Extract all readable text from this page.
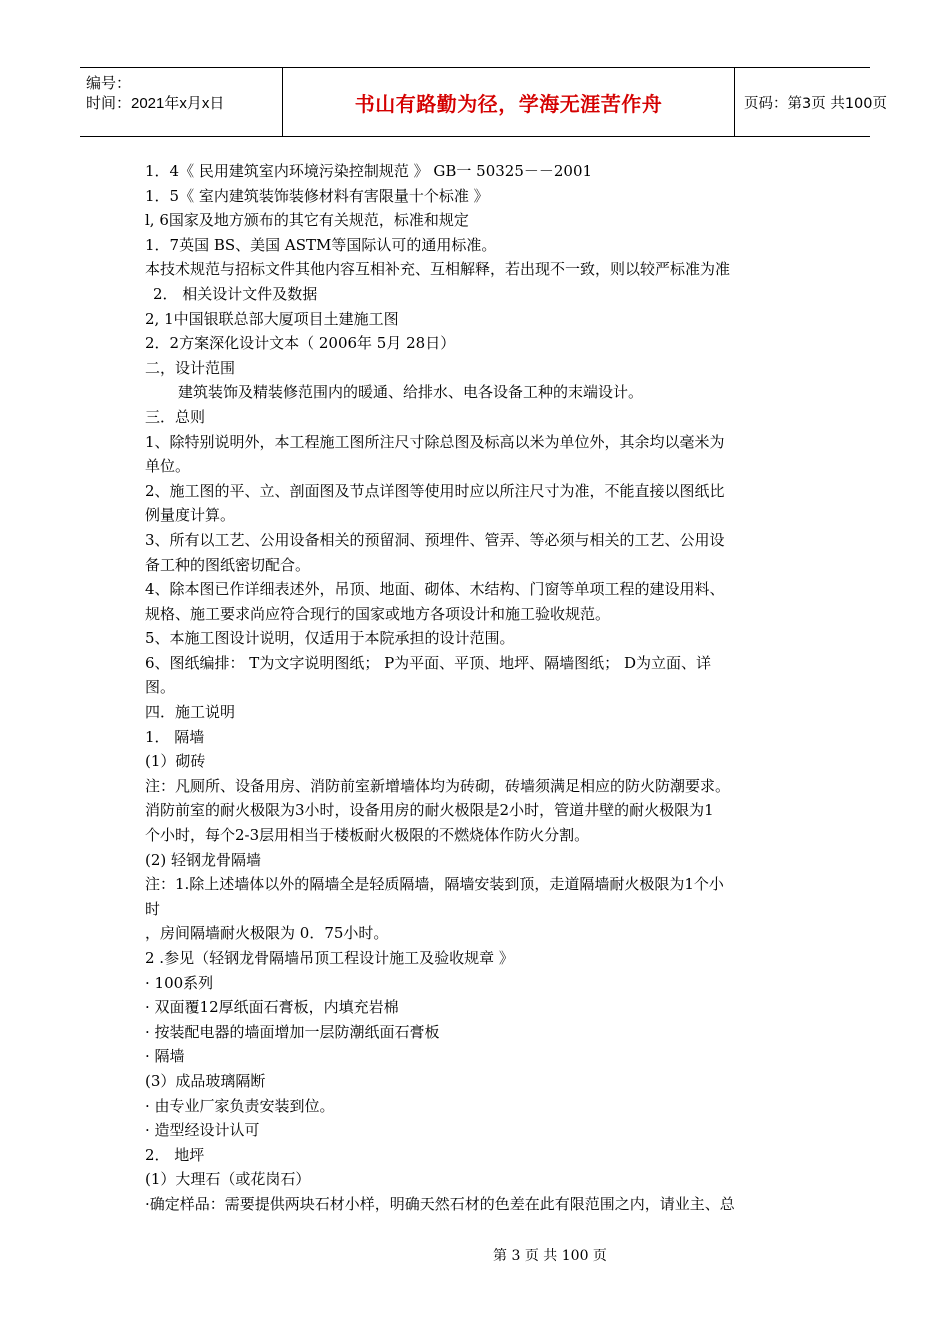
编号：
时间：2021年x月x日	书山有路勤为径，学海无涯苦作舟	页码：第3页 共100页
1．4《 民用建筑室内环境污染控制规范 》 GB一 50325－－2001
1．5《 室内建筑装饰装修材料有害限量十个标准 》
l, 6国家及地方颁布的其它有关规范，标准和规定
1．7英国 BS、美国 ASTM等国际认可的通用标准。
本技术规范与招标文件其他内容互相补充、互相解释，若出现不一致，则以较严标准为准
2． 相关设计文件及数据
2, 1中国银联总部大厦项目土建施工图
2．2方案深化设计文本（ 2006年 5月 28日）
二，设计范围
建筑装饰及精装修范围内的暖通、给排水、电各设备工种的末端设计。
三．总则
1、除特别说明外，本工程施工图所注尺寸除总图及标高以米为单位外，其余均以毫米为
单位。
2、施工图的平、立、剖面图及节点详图等使用时应以所注尺寸为准，不能直接以图纸比
例量度计算。
3、所有以工艺、公用设备相关的预留洞、预埋件、管弄、等必须与相关的工艺、公用设
备工种的图纸密切配合。
4、除本图已作详细表述外，吊顶、地面、砌体、木结构、门窗等单项工程的建设用料、
规格、施工要求尚应符合现行的国家或地方各项设计和施工验收规范。
5、本施工图设计说明，仅适用于本院承担的设计范围。
6、图纸编排： T为文字说明图纸； P为平面、平顶、地坪、隔墙图纸； D为立面、详
图。
四．施工说明
1． 隔墙
(1）砌砖
注：凡厕所、设备用房、消防前室新增墙体均为砖砌，砖墙须满足相应的防火防潮要求。
消防前室的耐火极限为3小时，设备用房的耐火极限是2小时，管道井壁的耐火极限为1
个小时，每个2-3层用相当于楼板耐火极限的不燃烧体作防火分割。
(2) 轻钢龙骨隔墙
注：1.除上述墙体以外的隔墙全是轻质隔墙，隔墙安装到顶，走道隔墙耐火极限为1个小
时
，房间隔墙耐火极限为 0．75小时。
2 .参见（轻钢龙骨隔墙吊顶工程设计施工及验收规章 》
· 100系列
· 双面覆12厚纸面石膏板，内填充岩棉
· 按装配电器的墙面增加一层防潮纸面石膏板
· 隔墙
(3）成品玻璃隔断
· 由专业厂家负责安装到位。
· 造型经设计认可
2． 地坪
(1）大理石（或花岗石）
·确定样品：需要提供两块石材小样，明确天然石材的色差在此有限范围之内，请业主、总
第 3 页 共 100 页
